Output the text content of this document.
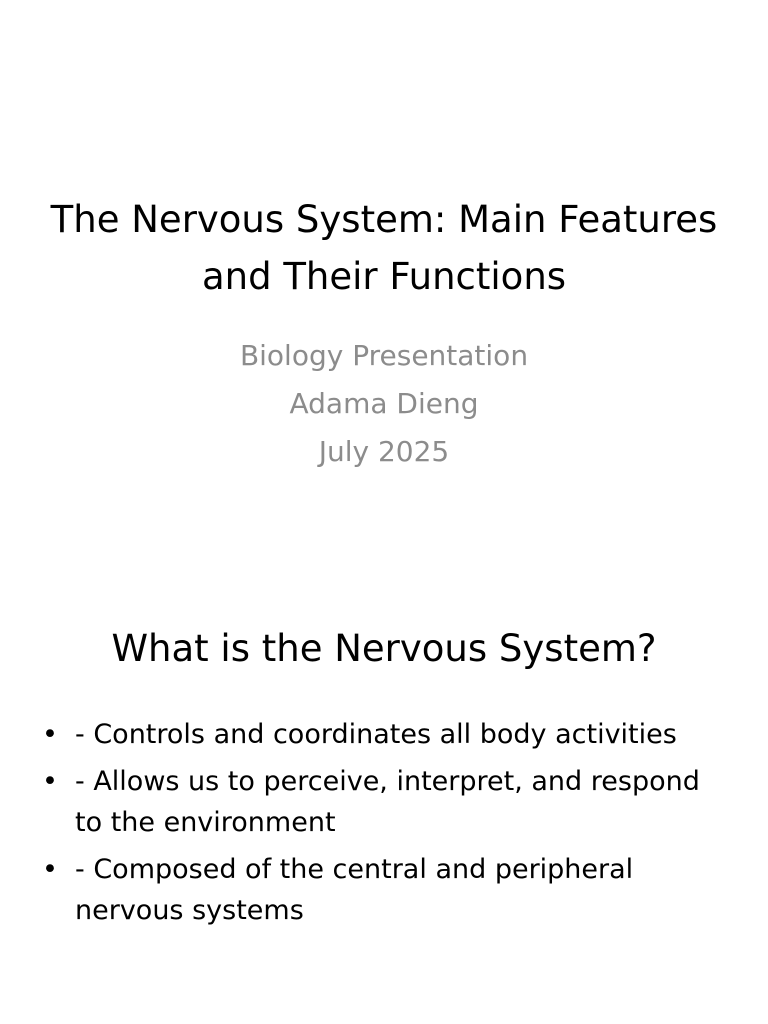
The Nervous System: Main Features and Their Functions
Biology Presentation
Adama Dieng
July 2025
What is the Nervous System?
• - Controls and coordinates all body activities
• - Allows us to perceive, interpret, and respond to the environment
• - Composed of the central and peripheral nervous systems
